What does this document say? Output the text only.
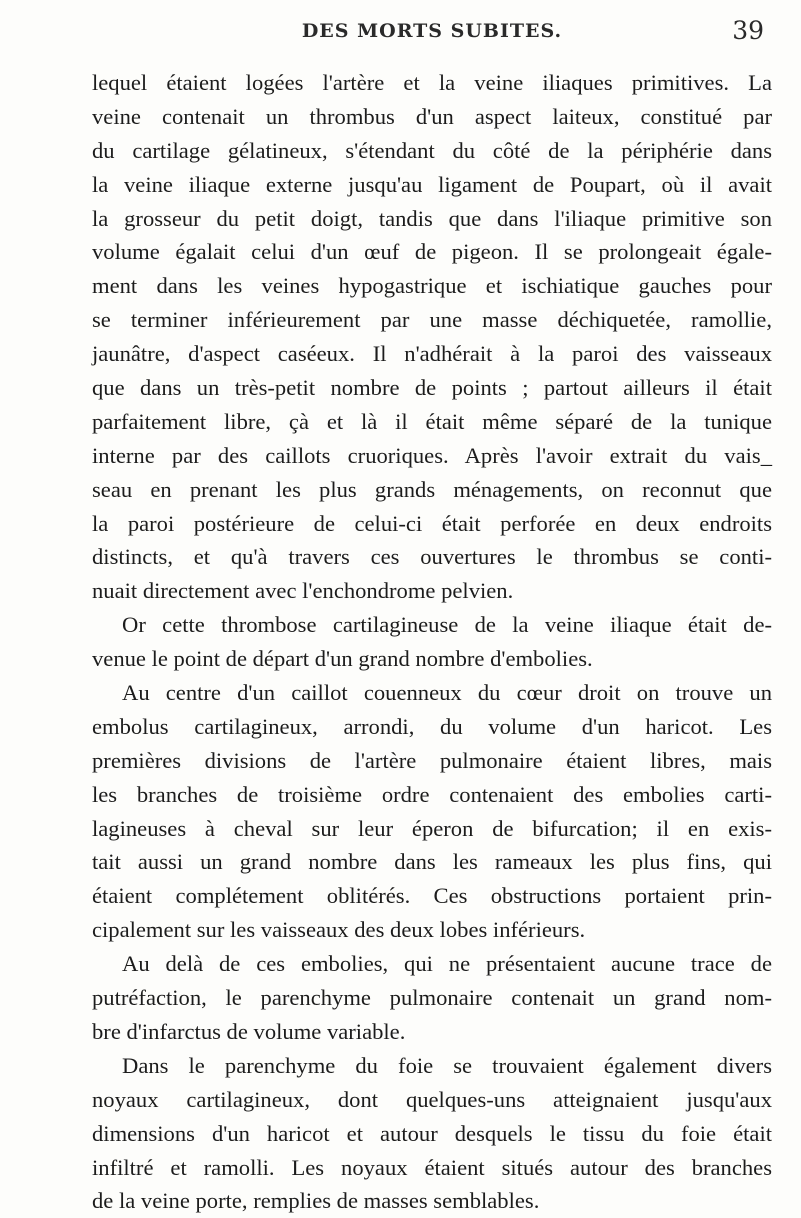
DES MORTS SUBITES.	39
lequel étaient logées l'artère et la veine iliaques primitives. La
veine contenait un thrombus d'un aspect laiteux, constitué par
du cartilage gélatineux, s'étendant du côté de la périphérie dans
la veine iliaque externe jusqu'au ligament de Poupart, où il avait
la grosseur du petit doigt, tandis que dans l'iliaque primitive son
volume égalait celui d'un œuf de pigeon. Il se prolongeait égale-
ment dans les veines hypogastrique et ischiatique gauches pour
se terminer inférieurement par une masse déchiquetée, ramollie,
jaunâtre, d'aspect caséeux. Il n'adhérait à la paroi des vaisseaux
que dans un très-petit nombre de points ; partout ailleurs il était
parfaitement libre, çà et là il était même séparé de la tunique
interne par des caillots cruoriques. Après l'avoir extrait du vais_
seau en prenant les plus grands ménagements, on reconnut que
la paroi postérieure de celui-ci était perforée en deux endroits
distincts, et qu'à travers ces ouvertures le thrombus se conti-
nuait directement avec l'enchondrome pelvien.
Or cette thrombose cartilagineuse de la veine iliaque était de-
venue le point de départ d'un grand nombre d'embolies.
Au centre d'un caillot couenneux du cœur droit on trouve un
embolus cartilagineux, arrondi, du volume d'un haricot. Les
premières divisions de l'artère pulmonaire étaient libres, mais
les branches de troisième ordre contenaient des embolies carti-
lagineuses à cheval sur leur éperon de bifurcation; il en exis-
tait aussi un grand nombre dans les rameaux les plus fins, qui
étaient complétement oblitérés. Ces obstructions portaient prin-
cipalement sur les vaisseaux des deux lobes inférieurs.
Au delà de ces embolies, qui ne présentaient aucune trace de
putréfaction, le parenchyme pulmonaire contenait un grand nom-
bre d'infarctus de volume variable.
Dans le parenchyme du foie se trouvaient également divers
noyaux cartilagineux, dont quelques-uns atteignaient jusqu'aux
dimensions d'un haricot et autour desquels le tissu du foie était
infiltré et ramolli. Les noyaux étaient situés autour des branches
de la veine porte, remplies de masses semblables.
